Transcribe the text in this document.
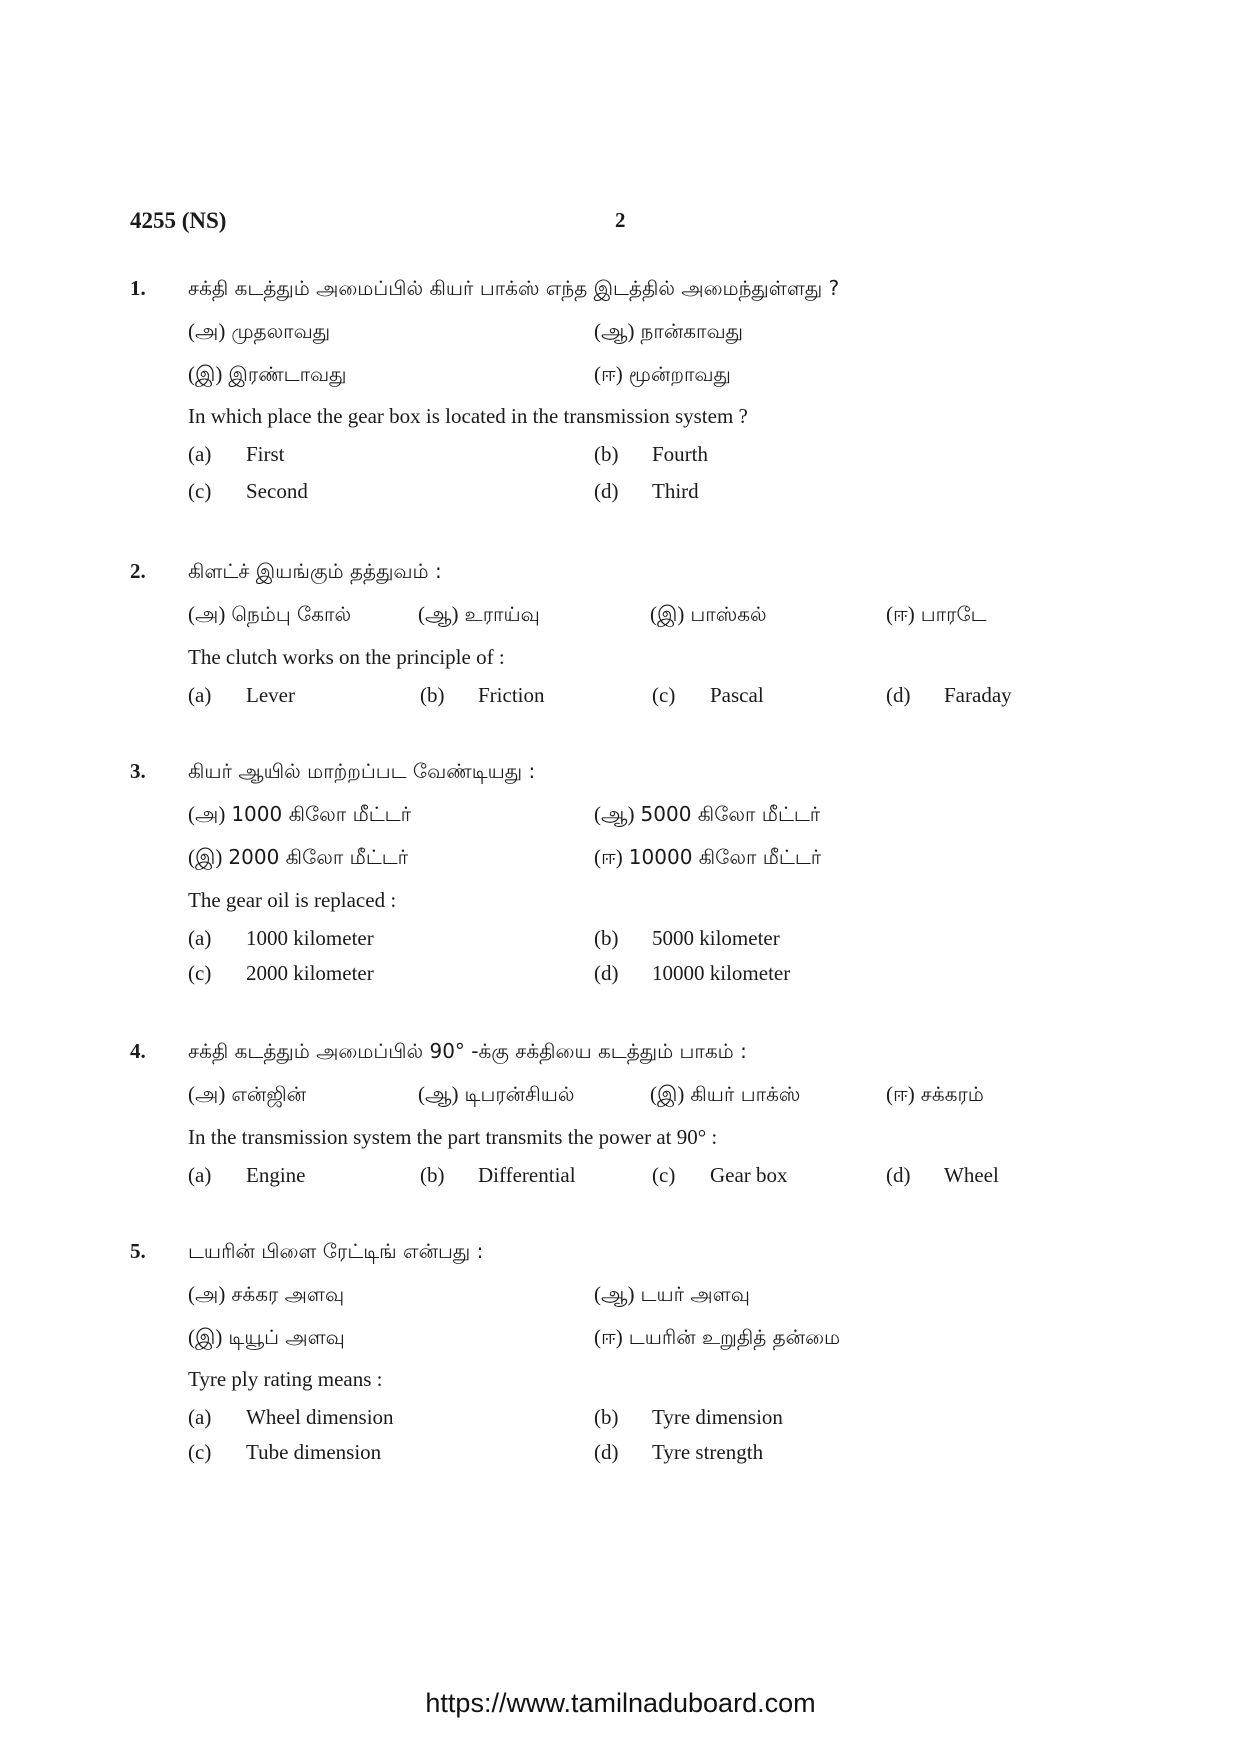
4255 (NS)	2
1. சக்தி கடத்தும் அமைப்பில் கியர் பாக்ஸ் எந்த இடத்தில் அமைந்துள்ளது ?
(அ) முதலாவது	(ஆ) நான்காவது
(இ) இரண்டாவது	(ஈ) மூன்றாவது
In which place the gear box is located in the transmission system ?
(a) First	(b) Fourth
(c) Second	(d) Third
2. கிளட்ச் இயங்கும் தத்துவம் :
(அ) நெம்பு கோல்	(ஆ) உராய்வு	(இ) பாஸ்கல்	(ஈ) பாரடே
The clutch works on the principle of :
(a) Lever	(b) Friction	(c) Pascal	(d) Faraday
3. கியர் ஆயில் மாற்றப்பட வேண்டியது :
(அ) 1000 கிலோ மீட்டர்	(ஆ) 5000 கிலோ மீட்டர்
(இ) 2000 கிலோ மீட்டர்	(ஈ) 10000 கிலோ மீட்டர்
The gear oil is replaced :
(a) 1000 kilometer	(b) 5000 kilometer
(c) 2000 kilometer	(d) 10000 kilometer
4. சக்தி கடத்தும் அமைப்பில் 90° -க்கு சக்தியை கடத்தும் பாகம் :
(அ) என்ஜின்	(ஆ) டிபரன்சியல்	(இ) கியர் பாக்ஸ்	(ஈ) சக்கரம்
In the transmission system the part transmits the power at 90° :
(a) Engine	(b) Differential	(c) Gear box	(d) Wheel
5. டயரின் பிளை ரேட்டிங் என்பது :
(அ) சக்கர அளவு	(ஆ) டயர் அளவு
(இ) டியூப் அளவு	(ஈ) டயரின் உறுதித் தன்மை
Tyre ply rating means :
(a) Wheel dimension	(b) Tyre dimension
(c) Tube dimension	(d) Tyre strength
https://www.tamilnaduboard.com
